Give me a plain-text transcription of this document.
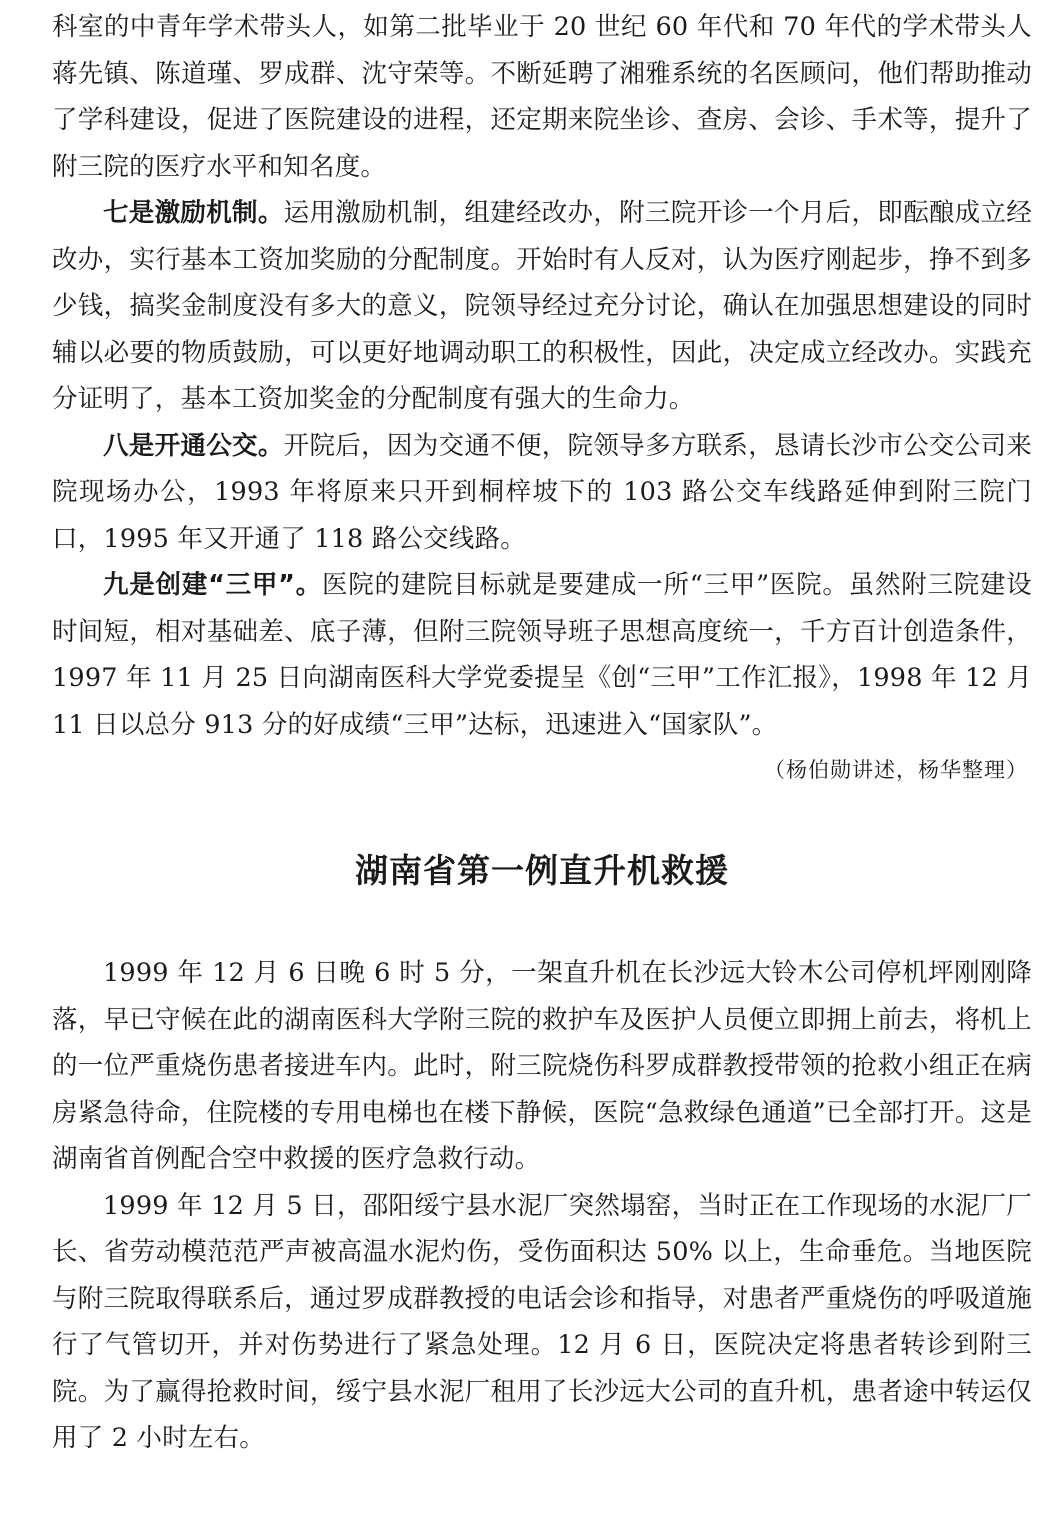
科室的中青年学术带头人，如第二批毕业于 20 世纪 60 年代和 70 年代的学术带头人蒋先镇、陈道瑾、罗成群、沈守荣等。不断延聘了湘雅系统的名医顾问，他们帮助推动了学科建设，促进了医院建设的进程，还定期来院坐诊、查房、会诊、手术等，提升了附三院的医疗水平和知名度。

七是激励机制。运用激励机制，组建经改办，附三院开诊一个月后，即酝酿成立经改办，实行基本工资加奖励的分配制度。开始时有人反对，认为医疗刚起步，挣不到多少钱，搞奖金制度没有多大的意义，院领导经过充分讨论，确认在加强思想建设的同时辅以必要的物质鼓励，可以更好地调动职工的积极性，因此，决定成立经改办。实践充分证明了，基本工资加奖金的分配制度有强大的生命力。

八是开通公交。开院后，因为交通不便，院领导多方联系，恳请长沙市公交公司来院现场办公，1993 年将原来只开到桐梓坡下的 103 路公交车线路延伸到附三院门口，1995 年又开通了 118 路公交线路。

九是创建“三甲”。医院的建院目标就是要建成一所“三甲”医院。虽然附三院建设时间短，相对基础差、底子薄，但附三院领导班子思想高度统一，千方百计创造条件，1997 年 11 月 25 日向湖南医科大学党委提呈《创“三甲”工作汇报》，1998 年 12 月 11 日以总分 913 分的好成绩“三甲”达标，迅速进入“国家队”。

（杨伯勋讲述，杨华整理）
湖南省第一例直升机救援

1999 年 12 月 6 日晚 6 时 5 分，一架直升机在长沙远大铃木公司停机坪刚刚降落，早已守候在此的湖南医科大学附三院的救护车及医护人员便立即拥上前去，将机上的一位严重烧伤患者接进车内。此时，附三院烧伤科罗成群教授带领的抢救小组正在病房紧急待命，住院楼的专用电梯也在楼下静候，医院“急救绿色通道”已全部打开。这是湖南省首例配合空中救援的医疗急救行动。

1999 年 12 月 5 日，邵阳绥宁县水泥厂突然塌窑，当时正在工作现场的水泥厂厂长、省劳动模范范严声被高温水泥灼伤，受伤面积达 50% 以上，生命垂危。当地医院与附三院取得联系后，通过罗成群教授的电话会诊和指导，对患者严重烧伤的呼吸道施行了气管切开，并对伤势进行了紧急处理。12 月 6 日，医院决定将患者转诊到附三院。为了赢得抢救时间，绥宁县水泥厂租用了长沙远大公司的直升机，患者途中转运仅用了 2 小时左右。
